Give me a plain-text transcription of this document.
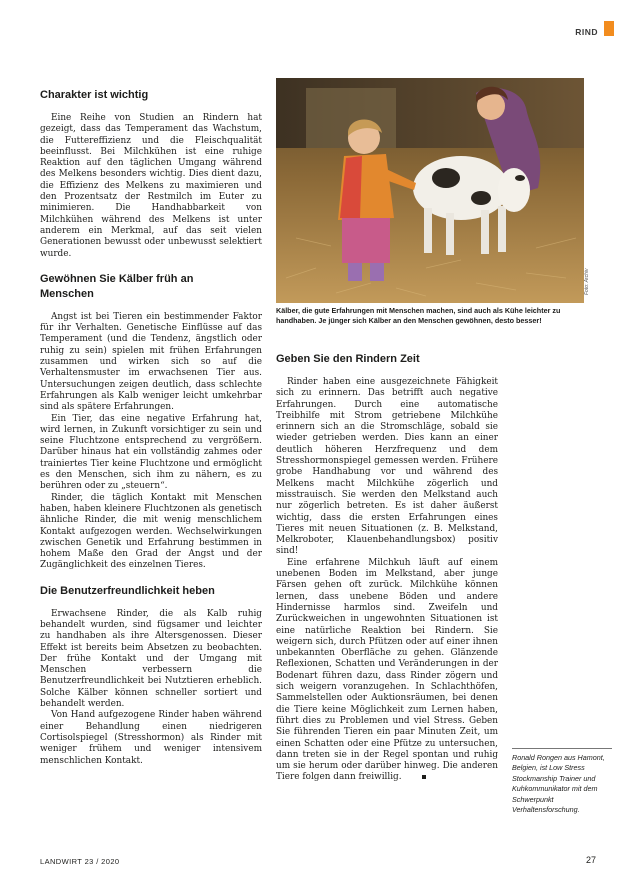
RIND
Charakter ist wichtig

Eine Reihe von Studien an Rindern hat gezeigt, dass das Temperament das Wachstum, die Futtereffizienz und die Fleischqualität beeinflusst. Bei Milchkühen ist eine ruhige Reaktion auf den täglichen Umgang während des Melkens besonders wichtig. Dies dient dazu, die Effizienz des Melkens zu maximieren und den Prozentsatz der Restmilch im Euter zu minimieren. Die Handhabbarkeit von Milchkühen während des Melkens ist unter anderem ein Merkmal, auf das seit vielen Generationen bewusst oder unbewusst selektiert wurde.

Gewöhnen Sie Kälber früh an Menschen

Angst ist bei Tieren ein bestimmender Faktor für ihr Verhalten. Genetische Einflüsse auf das Temperament (und die Tendenz, ängstlich oder ruhig zu sein) spielen mit frühen Erfahrungen zusammen und wirken sich so auf die Verhaltensmuster im erwachsenen Tier aus. Untersuchungen zeigen deutlich, dass schlechte Erfahrungen als Kalb weniger leicht umkehrbar sind als spätere Erfahrungen.

Ein Tier, das eine negative Erfahrung hat, wird lernen, in Zukunft vorsichtiger zu sein und seine Fluchtzone entsprechend zu vergrößern. Darüber hinaus hat ein vollständig zahmes oder trainiertes Tier keine Fluchtzone und ermöglicht es den Menschen, sich ihm zu nähern, es zu berühren oder zu „steuern“.

Rinder, die täglich Kontakt mit Menschen haben, haben kleinere Fluchtzonen als genetisch ähnliche Rinder, die mit wenig menschlichem Kontakt aufgezogen werden. Wechselwirkungen zwischen Genetik und Erfahrung bestimmen in hohem Maße den Grad der Angst und der Zugänglichkeit des einzelnen Tieres.

Die Benutzerfreundlichkeit heben

Erwachsene Rinder, die als Kalb ruhig behandelt wurden, sind fügsamer und leichter zu handhaben als ihre Altersgenossen. Dieser Effekt ist bereits beim Absetzen zu beobachten. Der frühe Kontakt und der Umgang mit Menschen verbessern die Benutzerfreundlichkeit bei Nutztieren erheblich. Solche Kälber können schneller sortiert und behandelt werden.

Von Hand aufgezogene Rinder haben während einer Behandlung einen niedrigeren Cortisolspiegel (Stresshormon) als Rinder mit weniger frühem und weniger intensivem menschlichen Kontakt.

Foto: Archiv
Kälber, die gute Erfahrungen mit Menschen machen, sind auch als Kühe leichter zu handhaben. Je jünger sich Kälber an den Menschen gewöhnen, desto besser!
Geben Sie den Rindern Zeit

Rinder haben eine ausgezeichnete Fähigkeit sich zu erinnern. Das betrifft auch negative Erfahrungen. Durch eine automatische Treibhilfe mit Strom getriebene Milchkühe erinnern sich an die Stromschläge, sobald sie wieder getrieben werden. Dies kann an einer deutlich höheren Herzfrequenz und dem Stresshormonspiegel gemessen werden. Frühere grobe Handhabung vor und während des Melkens macht Milchkühe zögerlich und misstrauisch. Sie werden den Melkstand auch nur zögerlich betreten. Es ist daher äußerst wichtig, dass die ersten Erfahrungen eines Tieres mit neuen Situationen (z. B. Melkstand, Melkroboter, Klauenbehandlungsbox) positiv sind!

Eine erfahrene Milchkuh läuft auf einem unebenen Boden im Melkstand, aber junge Färsen gehen oft zurück. Milchkühe können lernen, dass unebene Böden und andere Hindernisse harmlos sind. Zweifeln und Zurückweichen in ungewohnten Situationen ist eine natürliche Reaktion bei Rindern. Sie weigern sich, durch Pfützen oder auf einer ihnen unbekannten Oberfläche zu gehen. Glänzende Reflexionen, Schatten und Veränderungen in der Bodenart führen dazu, dass Rinder zögern und sich weigern voranzugehen. In Schlachthöfen, Sammelstellen oder Auktionsräumen, bei denen die Tiere keine Möglichkeit zum Lernen haben, führt dies zu Problemen und viel Stress. Geben Sie führenden Tieren ein paar Minuten Zeit, um einen Schatten oder eine Pfütze zu untersuchen, dann treten sie in der Regel spontan und ruhig um sie herum oder darüber hinweg. Die anderen Tiere folgen dann freiwillig.

Ronald Rongen aus Hamont, Belgien, ist Low Stress Stockmanship Trainer und Kuhkommunikator mit dem Schwerpunkt Verhaltensforschung.
LANDWIRT 23 / 2020	27
